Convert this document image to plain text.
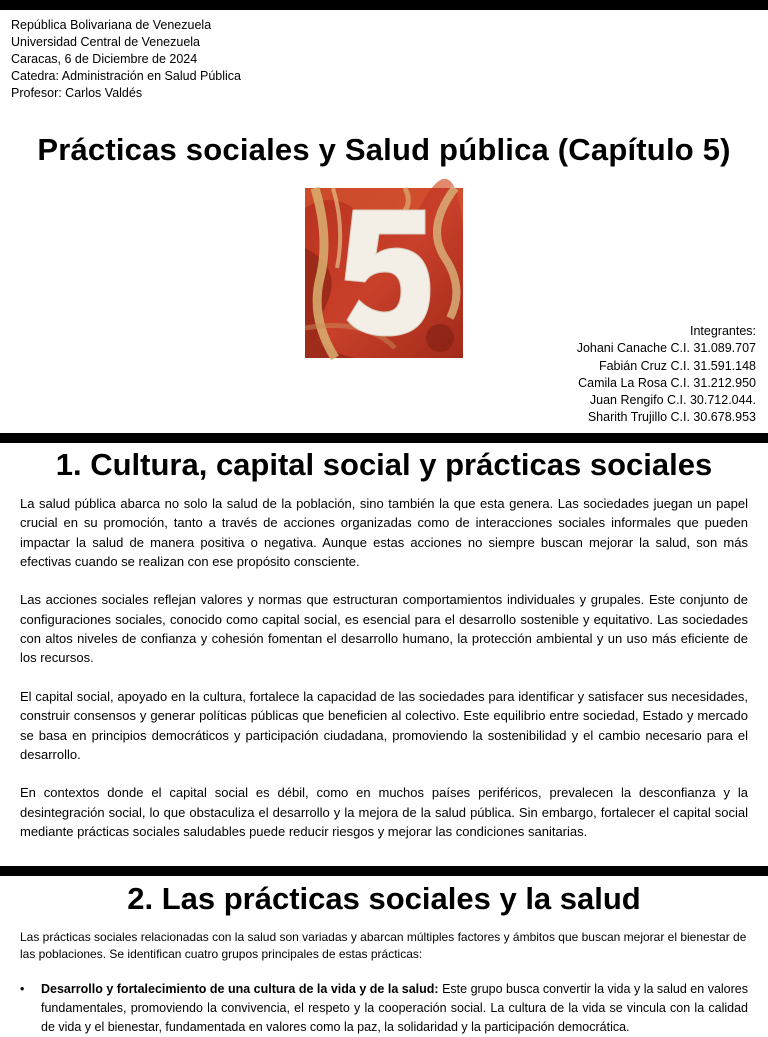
República Bolivariana de Venezuela
Universidad Central de Venezuela
Caracas, 6 de Diciembre de 2024
Catedra: Administración en Salud Pública
Profesor: Carlos Valdés
Prácticas sociales y Salud pública (Capítulo 5)
Integrantes:
Johani Canache C.I. 31.089.707
Fabián Cruz C.I. 31.591.148
Camila La Rosa C.I. 31.212.950
Juan Rengifo C.I. 30.712.044.
Sharith Trujillo C.I. 30.678.953
1. Cultura, capital social y prácticas sociales

La salud pública abarca no solo la salud de la población, sino también la que esta genera. Las sociedades juegan un papel crucial en su promoción, tanto a través de acciones organizadas como de interacciones sociales informales que pueden impactar la salud de manera positiva o negativa. Aunque estas acciones no siempre buscan mejorar la salud, son más efectivas cuando se realizan con ese propósito consciente.

Las acciones sociales reflejan valores y normas que estructuran comportamientos individuales y grupales. Este conjunto de configuraciones sociales, conocido como capital social, es esencial para el desarrollo sostenible y equitativo. Las sociedades con altos niveles de confianza y cohesión fomentan el desarrollo humano, la protección ambiental y un uso más eficiente de los recursos.

El capital social, apoyado en la cultura, fortalece la capacidad de las sociedades para identificar y satisfacer sus necesidades, construir consensos y generar políticas públicas que beneficien al colectivo. Este equilibrio entre sociedad, Estado y mercado se basa en principios democráticos y participación ciudadana, promoviendo la sostenibilidad y el cambio necesario para el desarrollo.

En contextos donde el capital social es débil, como en muchos países periféricos, prevalecen la desconfianza y la desintegración social, lo que obstaculiza el desarrollo y la mejora de la salud pública. Sin embargo, fortalecer el capital social mediante prácticas sociales saludables puede reducir riesgos y mejorar las condiciones sanitarias.

2. Las prácticas sociales y la salud
Las prácticas sociales relacionadas con la salud son variadas y abarcan múltiples factores y ámbitos que buscan mejorar el bienestar de las poblaciones. Se identifican cuatro grupos principales de estas prácticas:
• Desarrollo y fortalecimiento de una cultura de la vida y de la salud: Este grupo busca convertir la vida y la salud en valores fundamentales, promoviendo la convivencia, el respeto y la cooperación social. La cultura de la vida se vincula con la calidad de vida y el bienestar, fundamentada en valores como la paz, la solidaridad y la participación democrática.
